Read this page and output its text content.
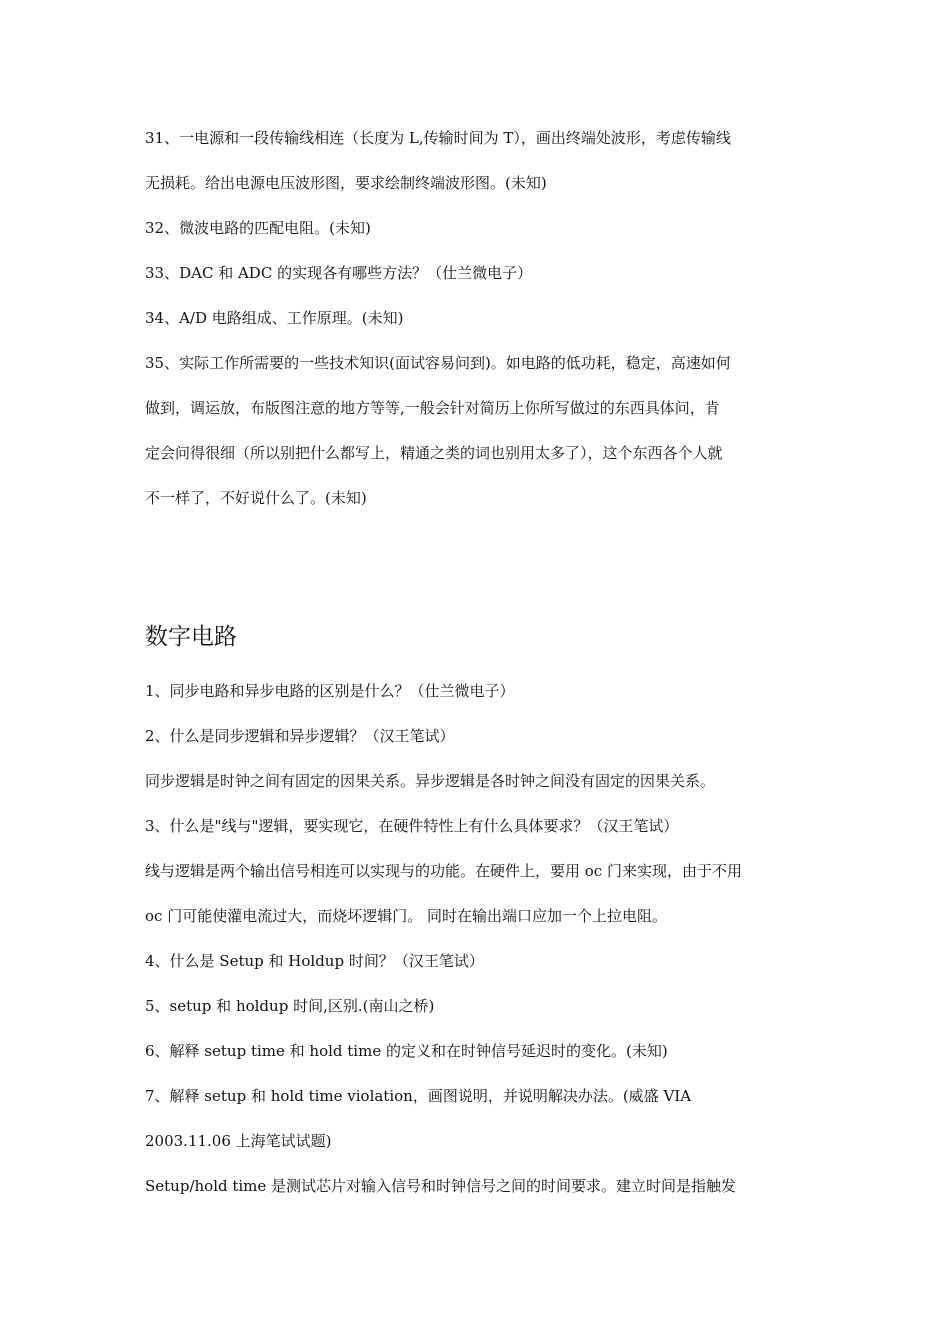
31、一电源和一段传输线相连（长度为 L,传输时间为 T），画出终端处波形，考虑传输线
无损耗。给出电源电压波形图，要求绘制终端波形图。(未知)
32、微波电路的匹配电阻。(未知)
33、DAC 和 ADC 的实现各有哪些方法？（仕兰微电子）
34、A/D 电路组成、工作原理。(未知)
35、实际工作所需要的一些技术知识(面试容易问到)。如电路的低功耗，稳定，高速如何
做到，调运放，布版图注意的地方等等,一般会针对简历上你所写做过的东西具体问，肯
定会问得很细（所以别把什么都写上，精通之类的词也别用太多了），这个东西各个人就
不一样了，不好说什么了。(未知)
数字电路
1、同步电路和异步电路的区别是什么？（仕兰微电子）
2、什么是同步逻辑和异步逻辑？（汉王笔试）
同步逻辑是时钟之间有固定的因果关系。异步逻辑是各时钟之间没有固定的因果关系。
3、什么是"线与"逻辑，要实现它，在硬件特性上有什么具体要求？（汉王笔试）
线与逻辑是两个输出信号相连可以实现与的功能。在硬件上，要用 oc 门来实现，由于不用
oc 门可能使灌电流过大，而烧坏逻辑门。 同时在输出端口应加一个上拉电阻。
4、什么是 Setup 和 Holdup 时间？（汉王笔试）
5、setup 和 holdup 时间,区别.(南山之桥)
6、解释 setup time 和 hold time 的定义和在时钟信号延迟时的变化。(未知)
7、解释 setup 和 hold time violation，画图说明，并说明解决办法。(威盛 VIA
2003.11.06 上海笔试试题)
Setup/hold time 是测试芯片对输入信号和时钟信号之间的时间要求。建立时间是指触发
